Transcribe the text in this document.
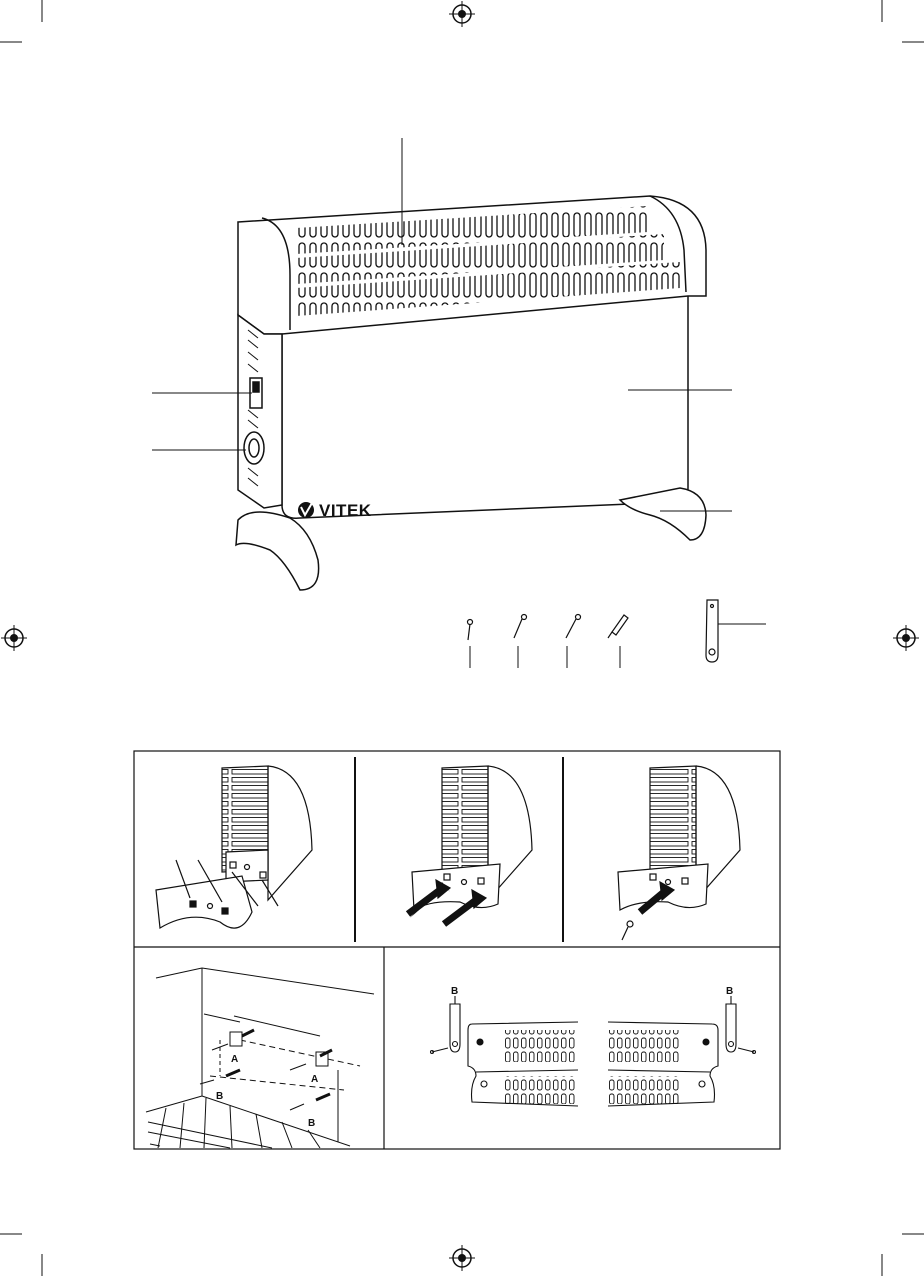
VITEK
A
A
B
B
B	B
